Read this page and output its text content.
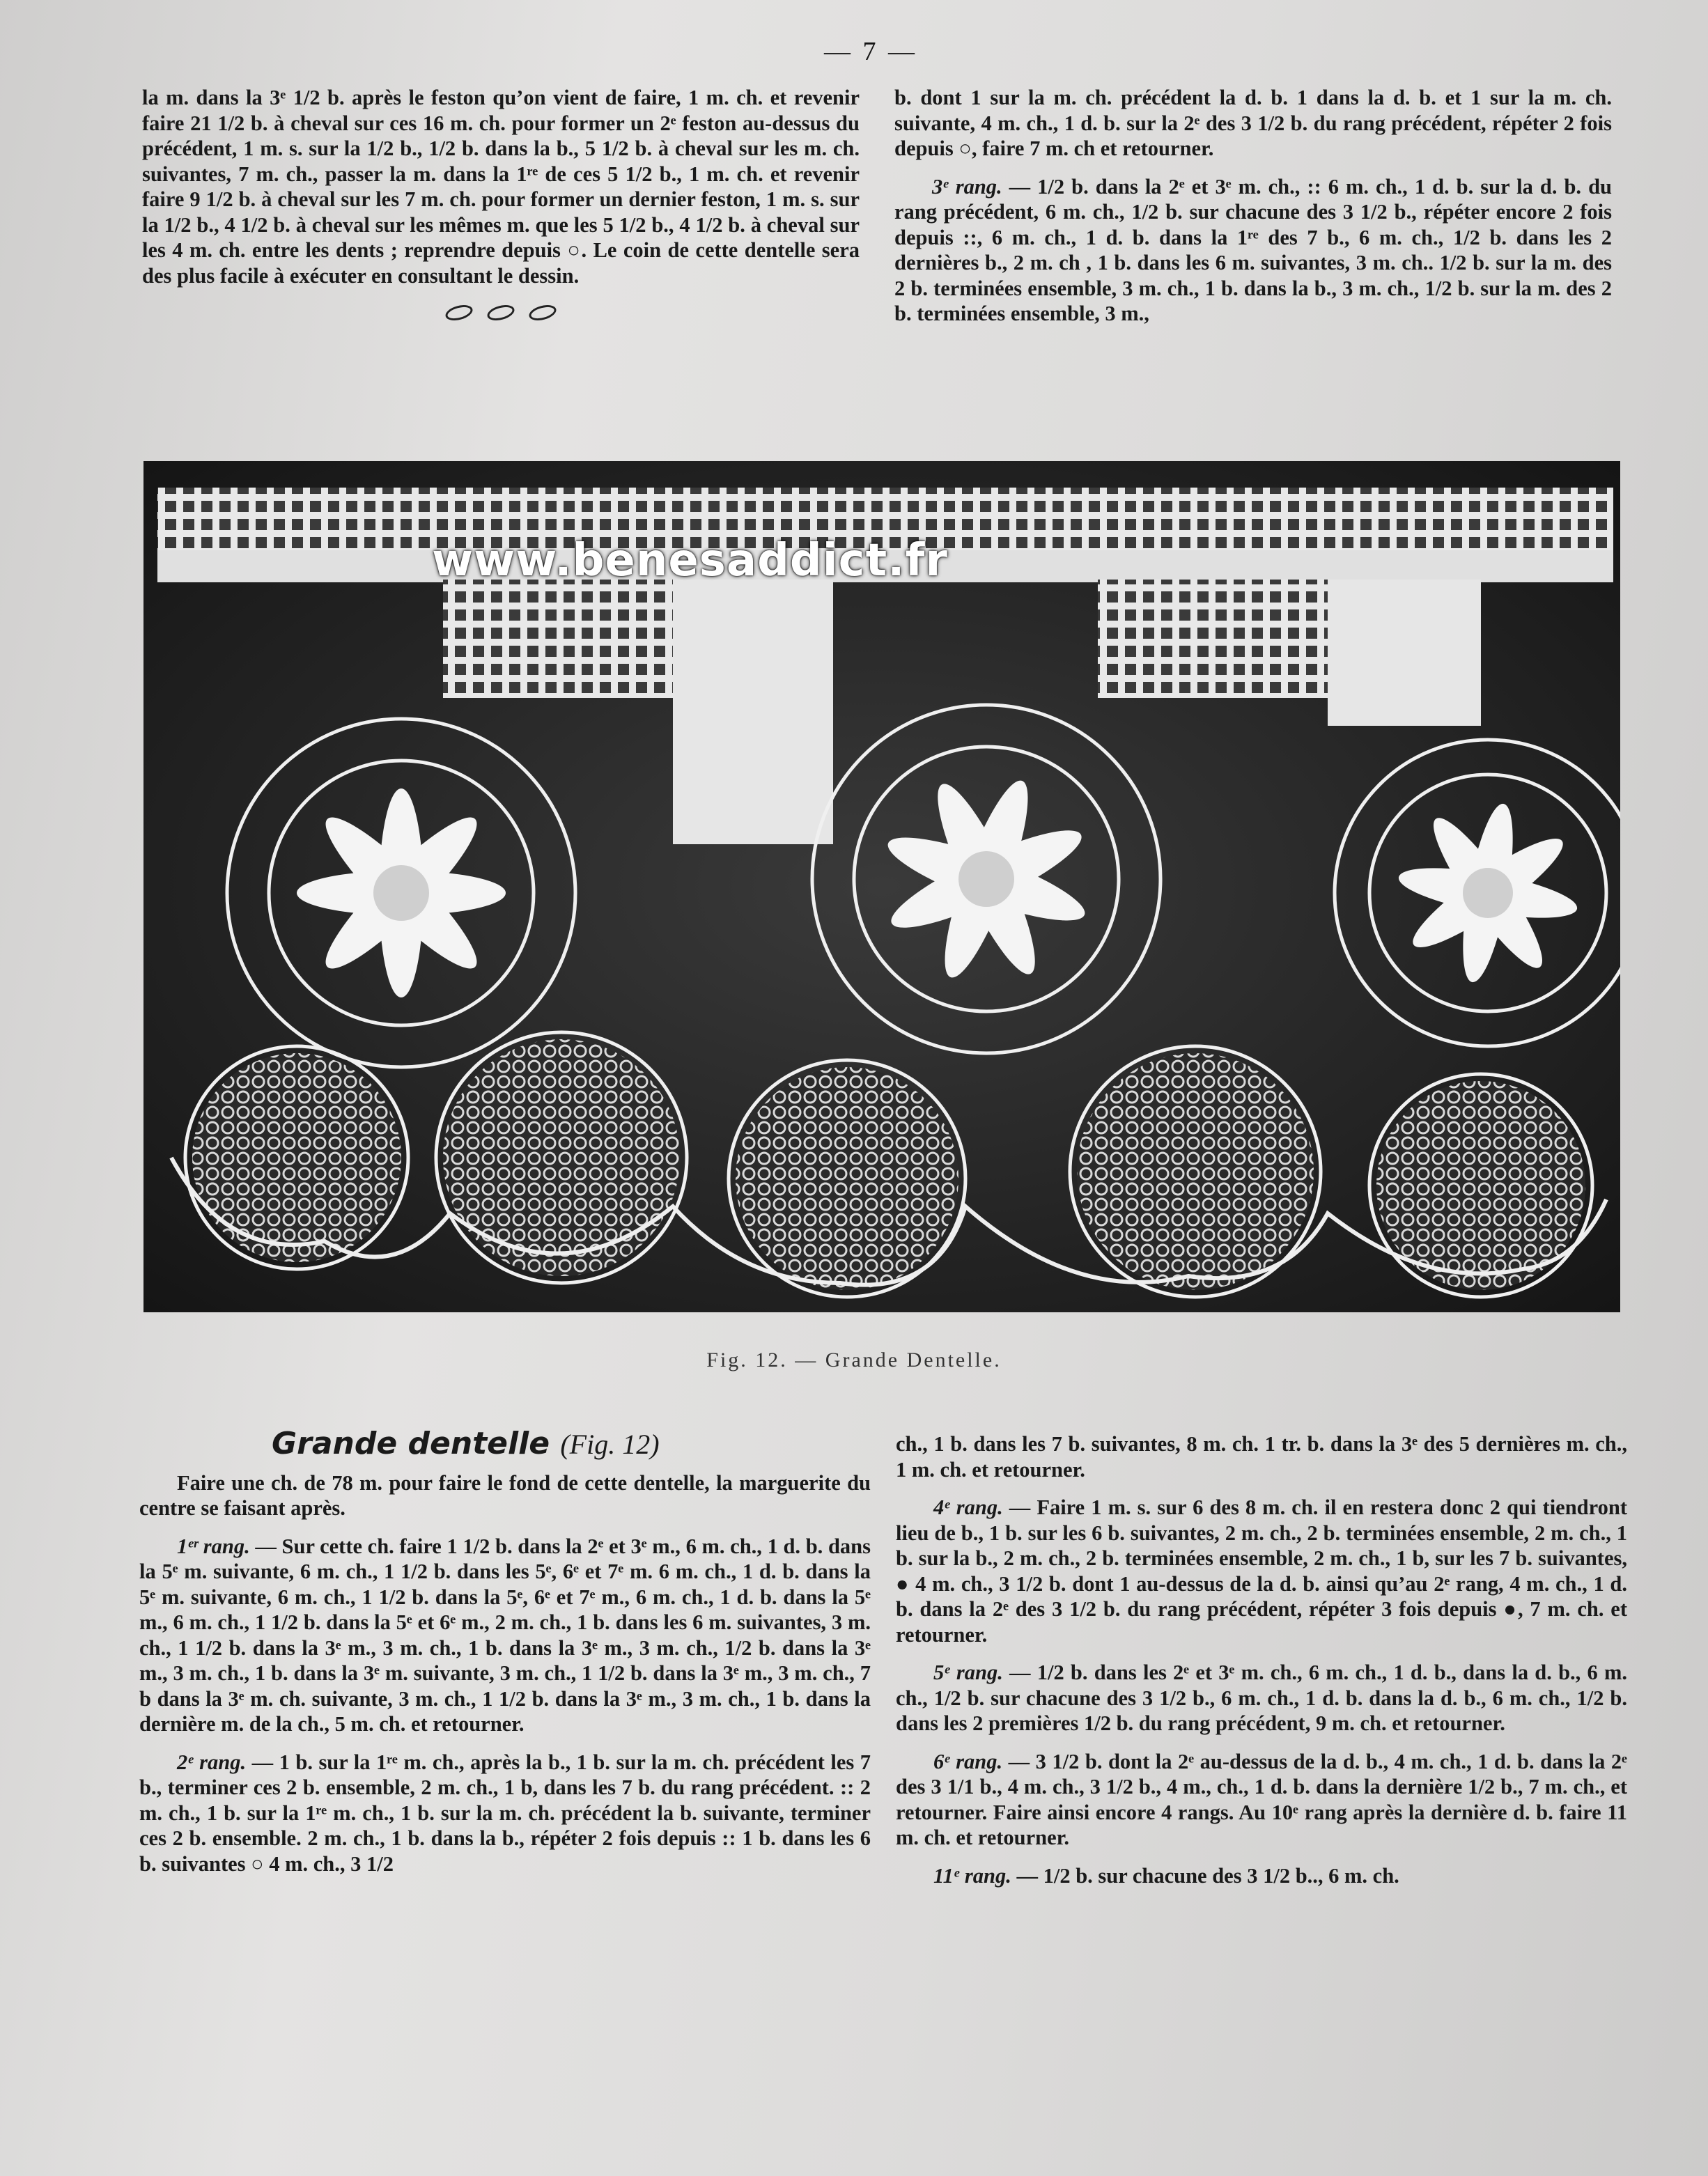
— 7 —

la m. dans la 3ᵉ 1/2 b. après le feston qu’on vient de faire, 1 m. ch. et revenir faire 21 1/2 b. à cheval sur ces 16 m. ch. pour former un 2ᵉ feston au-dessus du précédent, 1 m. s. sur la 1/2 b., 1/2 b. dans la b., 5 1/2 b. à cheval sur les m. ch. suivantes, 7 m. ch., passer la m. dans la 1ʳᵉ de ces 5 1/2 b., 1 m. ch. et revenir faire 9 1/2 b. à cheval sur les 7 m. ch. pour former un dernier feston, 1 m. s. sur la 1/2 b., 4 1/2 b. à cheval sur les mêmes m. que les 5 1/2 b., 4 1/2 b. à cheval sur les 4 m. ch. entre les dents ; reprendre depuis ○. Le coin de cette dentelle sera des plus facile à exécuter en consultant le dessin.

b. dont 1 sur la m. ch. précédent la d. b. 1 dans la d. b. et 1 sur la m. ch. suivante, 4 m. ch., 1 d. b. sur la 2ᵉ des 3 1/2 b. du rang précédent, répéter 2 fois depuis ○, faire 7 m. ch et retourner.

3ᵉ rang. — 1/2 b. dans la 2ᵉ et 3ᵉ m. ch., :: 6 m. ch., 1 d. b. sur la d. b. du rang précédent, 6 m. ch., 1/2 b. sur chacune des 3 1/2 b., répéter encore 2 fois depuis ::, 6 m. ch., 1 d. b. dans la 1ʳᵉ des 7 b., 6 m. ch., 1/2 b. dans les 2 dernières b., 2 m. ch , 1 b. dans les 6 m. suivantes, 3 m. ch.. 1/2 b. sur la m. des 2 b. terminées ensemble, 3 m. ch., 1 b. dans la b., 3 m. ch., 1/2 b. sur la m. des 2 b. terminées ensemble, 3 m.,

www.benesaddict.fr
Fig. 12. — Grande Dentelle.
Grande dentelle (Fig. 12)

Faire une ch. de 78 m. pour faire le fond de cette dentelle, la marguerite du centre se faisant après.

1ᵉʳ rang. — Sur cette ch. faire 1 1/2 b. dans la 2ᵉ et 3ᵉ m., 6 m. ch., 1 d. b. dans la 5ᵉ m. suivante, 6 m. ch., 1 1/2 b. dans les 5ᵉ, 6ᵉ et 7ᵉ m. 6 m. ch., 1 d. b. dans la 5ᵉ m. suivante, 6 m. ch., 1 1/2 b. dans la 5ᵉ, 6ᵉ et 7ᵉ m., 6 m. ch., 1 d. b. dans la 5ᵉ m., 6 m. ch., 1 1/2 b. dans la 5ᵉ et 6ᵉ m., 2 m. ch., 1 b. dans les 6 m. suivantes, 3 m. ch., 1 1/2 b. dans la 3ᵉ m., 3 m. ch., 1 b. dans la 3ᵉ m., 3 m. ch., 1/2 b. dans la 3ᵉ m., 3 m. ch., 1 b. dans la 3ᵉ m. suivante, 3 m. ch., 1 1/2 b. dans la 3ᵉ m., 3 m. ch., 7 b dans la 3ᵉ m. ch. suivante, 3 m. ch., 1 1/2 b. dans la 3ᵉ m., 3 m. ch., 1 b. dans la dernière m. de la ch., 5 m. ch. et retourner.

2ᵉ rang. — 1 b. sur la 1ʳᵉ m. ch., après la b., 1 b. sur la m. ch. précédent les 7 b., terminer ces 2 b. ensemble, 2 m. ch., 1 b, dans les 7 b. du rang précédent. :: 2 m. ch., 1 b. sur la 1ʳᵉ m. ch., 1 b. sur la m. ch. précédent la b. suivante, terminer ces 2 b. ensemble. 2 m. ch., 1 b. dans la b., répéter 2 fois depuis :: 1 b. dans les 6 b. suivantes ○ 4 m. ch., 3 1/2

ch., 1 b. dans les 7 b. suivantes, 8 m. ch. 1 tr. b. dans la 3ᵉ des 5 dernières m. ch., 1 m. ch. et retourner.

4ᵉ rang. — Faire 1 m. s. sur 6 des 8 m. ch. il en restera donc 2 qui tiendront lieu de b., 1 b. sur les 6 b. suivantes, 2 m. ch., 2 b. terminées ensemble, 2 m. ch., 1 b. sur la b., 2 m. ch., 2 b. terminées ensemble, 2 m. ch., 1 b, sur les 7 b. suivantes, ● 4 m. ch., 3 1/2 b. dont 1 au-dessus de la d. b. ainsi qu’au 2ᵉ rang, 4 m. ch., 1 d. b. dans la 2ᵉ des 3 1/2 b. du rang précédent, répéter 3 fois depuis ●, 7 m. ch. et retourner.

5ᵉ rang. — 1/2 b. dans les 2ᵉ et 3ᵉ m. ch., 6 m. ch., 1 d. b., dans la d. b., 6 m. ch., 1/2 b. sur chacune des 3 1/2 b., 6 m. ch., 1 d. b. dans la d. b., 6 m. ch., 1/2 b. dans les 2 premières 1/2 b. du rang précédent, 9 m. ch. et retourner.

6ᵉ rang. — 3 1/2 b. dont la 2ᵉ au-dessus de la d. b., 4 m. ch., 1 d. b. dans la 2ᵉ des 3 1/1 b., 4 m. ch., 3 1/2 b., 4 m., ch., 1 d. b. dans la dernière 1/2 b., 7 m. ch., et retourner. Faire ainsi encore 4 rangs. Au 10ᵉ rang après la dernière d. b. faire 11 m. ch. et retourner.

11ᵉ rang. — 1/2 b. sur chacune des 3 1/2 b.., 6 m. ch.
